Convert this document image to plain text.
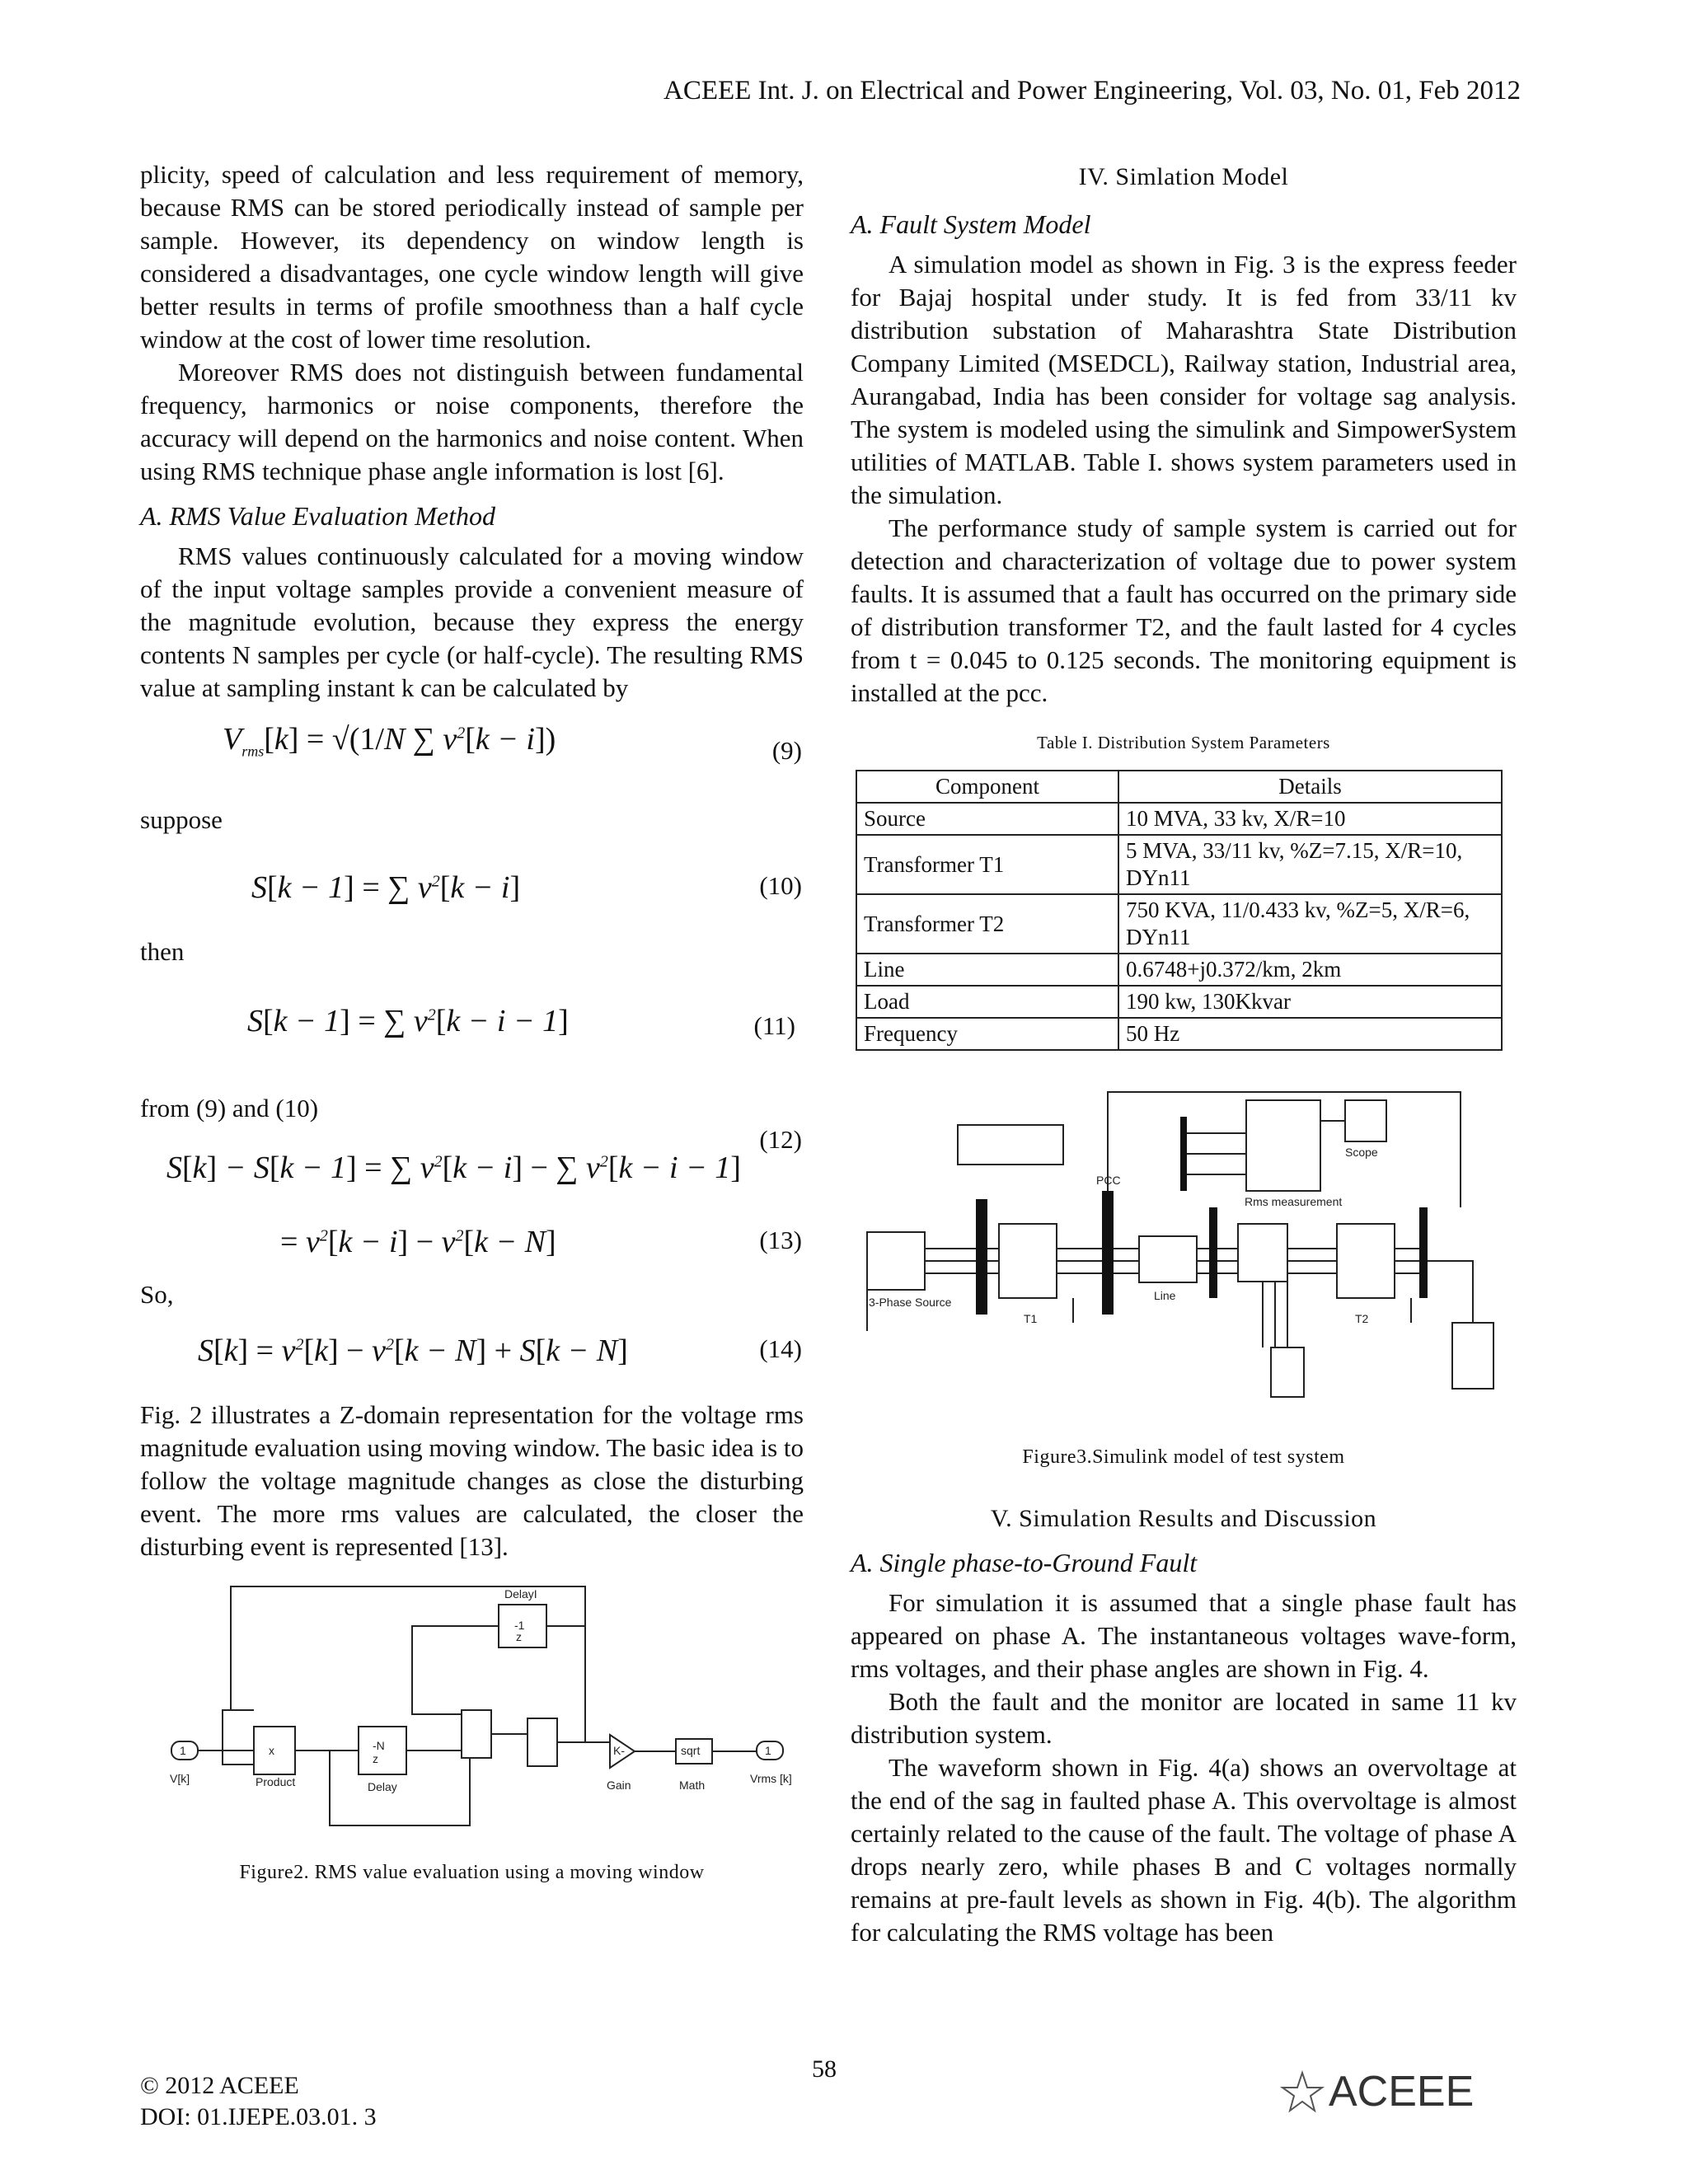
ACEEE Int. J. on Electrical and Power Engineering, Vol. 03, No. 01, Feb 2012

plicity, speed of calculation and less requirement of memory, because RMS can be stored periodically instead of sample per sample. However, its dependency on window length is considered a disadvantages, one cycle window length will give better results in terms of profile smoothness than a half cycle window at the cost of lower time resolution.

Moreover RMS does not distinguish between fundamental frequency, harmonics or noise components, therefore the accuracy will depend on the harmonics and noise content. When using RMS technique phase angle information is lost [6].

A. RMS Value Evaluation Method

RMS values continuously calculated for a moving window of the input voltage samples provide a convenient measure of the magnitude evolution, because they express the energy contents N samples per cycle (or half-cycle). The resulting RMS value at sampling instant k can be calculated by

$V_{rms}[k] = √(1/N$ ∑ $v^2[k - i]$)	(9)

suppose

S[k − 1] = ∑ $v^2[k - i]$	(10)

then

S[k − 1] = ∑ $v^2[k - i - 1]$	(11)

from (9) and (10)

S[k] − S[k − 1] = ∑ $v^2[k - i]$ − ∑ $v^2[k - i - 1]$
(12)
= $v^2[k - i] - v^2[k - N]$	(13)

So,

$S[k] = v^2[k] - v^2[k - N] + S[k - N]$	(14)

Fig. 2 illustrates a Z-domain representation for the voltage rms magnitude evaluation using moving window. The basic idea is to follow the voltage magnitude changes as close the disturbing event. The more rms values are calculated, the closer the disturbing event is represented [13].

DelayI
-1
z
1	x	-N
z
K-	sqrt	1
V[k]	Product	Delay	Gain	Math	Vrms [k]
Figure2. RMS value evaluation using a moving window
IV. Simlation Model
A. Fault System Model

A simulation model as shown in Fig. 3 is the express feeder for Bajaj hospital under study. It is fed from 33/11 kv distribution substation of Maharashtra State Distribution Company Limited (MSEDCL), Railway station, Industrial area, Aurangabad, India has been consider for voltage sag analysis. The system is modeled using the simulink and SimpowerSystem utilities of MATLAB. Table I. shows system parameters used in the simulation.

The performance study of sample system is carried out for detection and characterization of voltage due to power system faults. It is assumed that a fault has occurred on the primary side of distribution transformer T2, and the fault lasted for 4 cycles from t = 0.045 to 0.125 seconds. The monitoring equipment is installed at the pcc.

Table I. Distribution System Parameters
Component	Details
Source	10 MVA, 33 kv, X/R=10
Transformer T1	5 MVA, 33/11 kv, %Z=7.15, X/R=10, DYn11
Transformer T2	750 KVA, 11/0.433 kv, %Z=5, X/R=6, DYn11
Line	0.6748+j0.372/km, 2km
Load	190 kw, 130Kkvar
Frequency	50 Hz
PCC
3-Phase Source
T1
Line
T2
Rms measurement
Scope
Figure3.Simulink model of test system
V. Simulation Results and Discussion
A. Single phase-to-Ground Fault

For simulation it is assumed that a single phase fault has appeared on phase A. The instantaneous voltages wave-form, rms voltages, and their phase angles are shown in Fig. 4.

Both the fault and the monitor are located in same 11 kv distribution system.

The waveform shown in Fig. 4(a) shows an overvoltage at the end of the sag in faulted phase A. This overvoltage is almost certainly related to the cause of the fault. The voltage of phase A drops nearly zero, while phases B and C voltages normally remains at pre-fault levels as shown in Fig. 4(b). The algorithm for calculating the RMS voltage has been

58
© 2012 ACEEE
DOI: 01.IJEPE.03.01. 3
ACEEE
